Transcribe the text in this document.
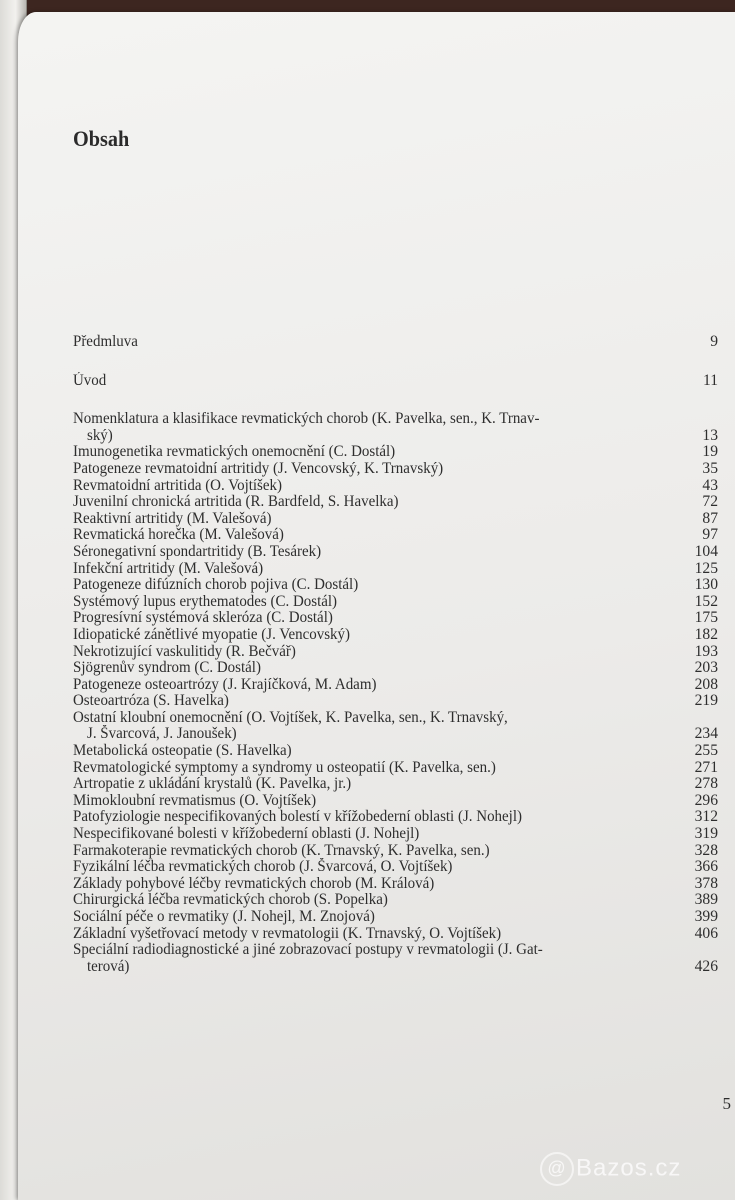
Obsah
Předmluva	9
Úvod	11
Nomenklatura a klasifikace revmatických chorob (K. Pavelka, sen., K. Trnav-
ský)	13
Imunogenetika revmatických onemocnění (C. Dostál)	19
Patogeneze revmatoidní artritidy (J. Vencovský, K. Trnavský)	35
Revmatoidní artritida (O. Vojtíšek)	43
Juvenilní chronická artritida (R. Bardfeld, S. Havelka)	72
Reaktivní artritidy (M. Valešová)	87
Revmatická horečka (M. Valešová)	97
Séronegativní spondartritidy (B. Tesárek)	104
Infekční artritidy (M. Valešová)	125
Patogeneze difúzních chorob pojiva (C. Dostál)	130
Systémový lupus erythematodes (C. Dostál)	152
Progresívní systémová skleróza (C. Dostál)	175
Idiopatické zánětlivé myopatie (J. Vencovský)	182
Nekrotizující vaskulitidy (R. Bečvář)	193
Sjögrenův syndrom (C. Dostál)	203
Patogeneze osteoartrózy (J. Krajíčková, M. Adam)	208
Osteoartróza (S. Havelka)	219
Ostatní kloubní onemocnění (O. Vojtíšek, K. Pavelka, sen., K. Trnavský,
J. Švarcová, J. Janoušek)	234
Metabolická osteopatie (S. Havelka)	255
Revmatologické symptomy a syndromy u osteopatií (K. Pavelka, sen.)	271
Artropatie z ukládání krystalů (K. Pavelka, jr.)	278
Mimokloubní revmatismus (O. Vojtíšek)	296
Patofyziologie nespecifikovaných bolestí v křížobederní oblasti (J. Nohejl)	312
Nespecifikované bolesti v křížobederní oblasti (J. Nohejl)	319
Farmakoterapie revmatických chorob (K. Trnavský, K. Pavelka, sen.)	328
Fyzikální léčba revmatických chorob (J. Švarcová, O. Vojtíšek)	366
Základy pohybové léčby revmatických chorob (M. Králová)	378
Chirurgická léčba revmatických chorob (S. Popelka)	389
Sociální péče o revmatiky (J. Nohejl, M. Znojová)	399
Základní vyšetřovací metody v revmatologii (K. Trnavský, O. Vojtíšek)	406
Speciální radiodiagnostické a jiné zobrazovací postupy v revmatologii (J. Gat-
terová)	426
5
@ Bazos.cz
